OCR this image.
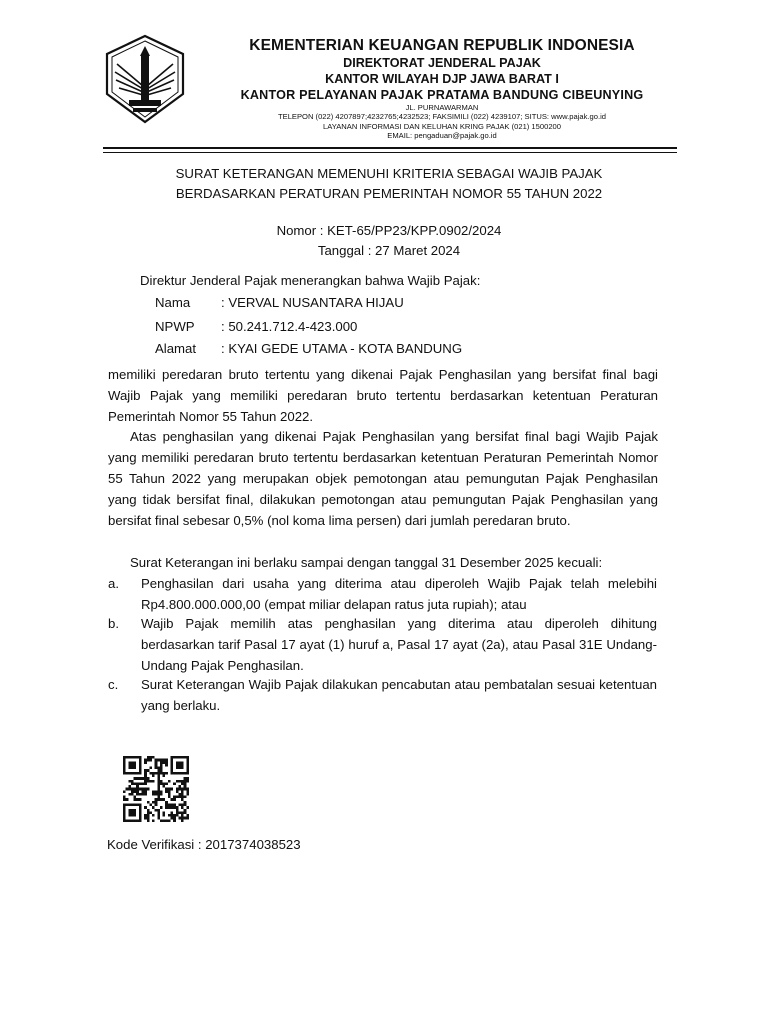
KEMENTERIAN KEUANGAN REPUBLIK INDONESIA
DIREKTORAT JENDERAL PAJAK
KANTOR WILAYAH DJP JAWA BARAT I
KANTOR PELAYANAN PAJAK PRATAMA BANDUNG CIBEUNYING
JL. PURNAWARMAN
TELEPON (022) 4207897;4232765;4232523; FAKSIMILI (022) 4239107; SITUS: www.pajak.go.id
LAYANAN INFORMASI DAN KELUHAN KRING PAJAK (021) 1500200
EMAIL: pengaduan@pajak.go.id
SURAT KETERANGAN MEMENUHI KRITERIA SEBAGAI WAJIB PAJAK
BERDASARKAN PERATURAN PEMERINTAH NOMOR 55 TAHUN 2022
Nomor : KET-65/PP23/KPP.0902/2024
Tanggal : 27 Maret 2024
Direktur Jenderal Pajak menerangkan bahwa Wajib Pajak:
Nama : VERVAL NUSANTARA HIJAU
NPWP : 50.241.712.4-423.000
Alamat : KYAI GEDE UTAMA - KOTA BANDUNG
memiliki peredaran bruto tertentu yang dikenai Pajak Penghasilan yang bersifat final bagi Wajib Pajak yang memiliki peredaran bruto tertentu berdasarkan ketentuan Peraturan Pemerintah Nomor 55 Tahun 2022.
Atas penghasilan yang dikenai Pajak Penghasilan yang bersifat final bagi Wajib Pajak yang memiliki peredaran bruto tertentu berdasarkan ketentuan Peraturan Pemerintah Nomor 55 Tahun 2022 yang merupakan objek pemotongan atau pemungutan Pajak Penghasilan yang tidak bersifat final, dilakukan pemotongan atau pemungutan Pajak Penghasilan yang bersifat final sebesar 0,5% (nol koma lima persen) dari jumlah peredaran bruto.
Surat Keterangan ini berlaku sampai dengan tanggal 31 Desember 2025 kecuali:
a. Penghasilan dari usaha yang diterima atau diperoleh Wajib Pajak telah melebihi Rp4.800.000.000,00 (empat miliar delapan ratus juta rupiah); atau
b. Wajib Pajak memilih atas penghasilan yang diterima atau diperoleh dihitung berdasarkan tarif Pasal 17 ayat (1) huruf a, Pasal 17 ayat (2a), atau Pasal 31E Undang-Undang Pajak Penghasilan.
c. Surat Keterangan Wajib Pajak dilakukan pencabutan atau pembatalan sesuai ketentuan yang berlaku.
Kode Verifikasi : 2017374038523
